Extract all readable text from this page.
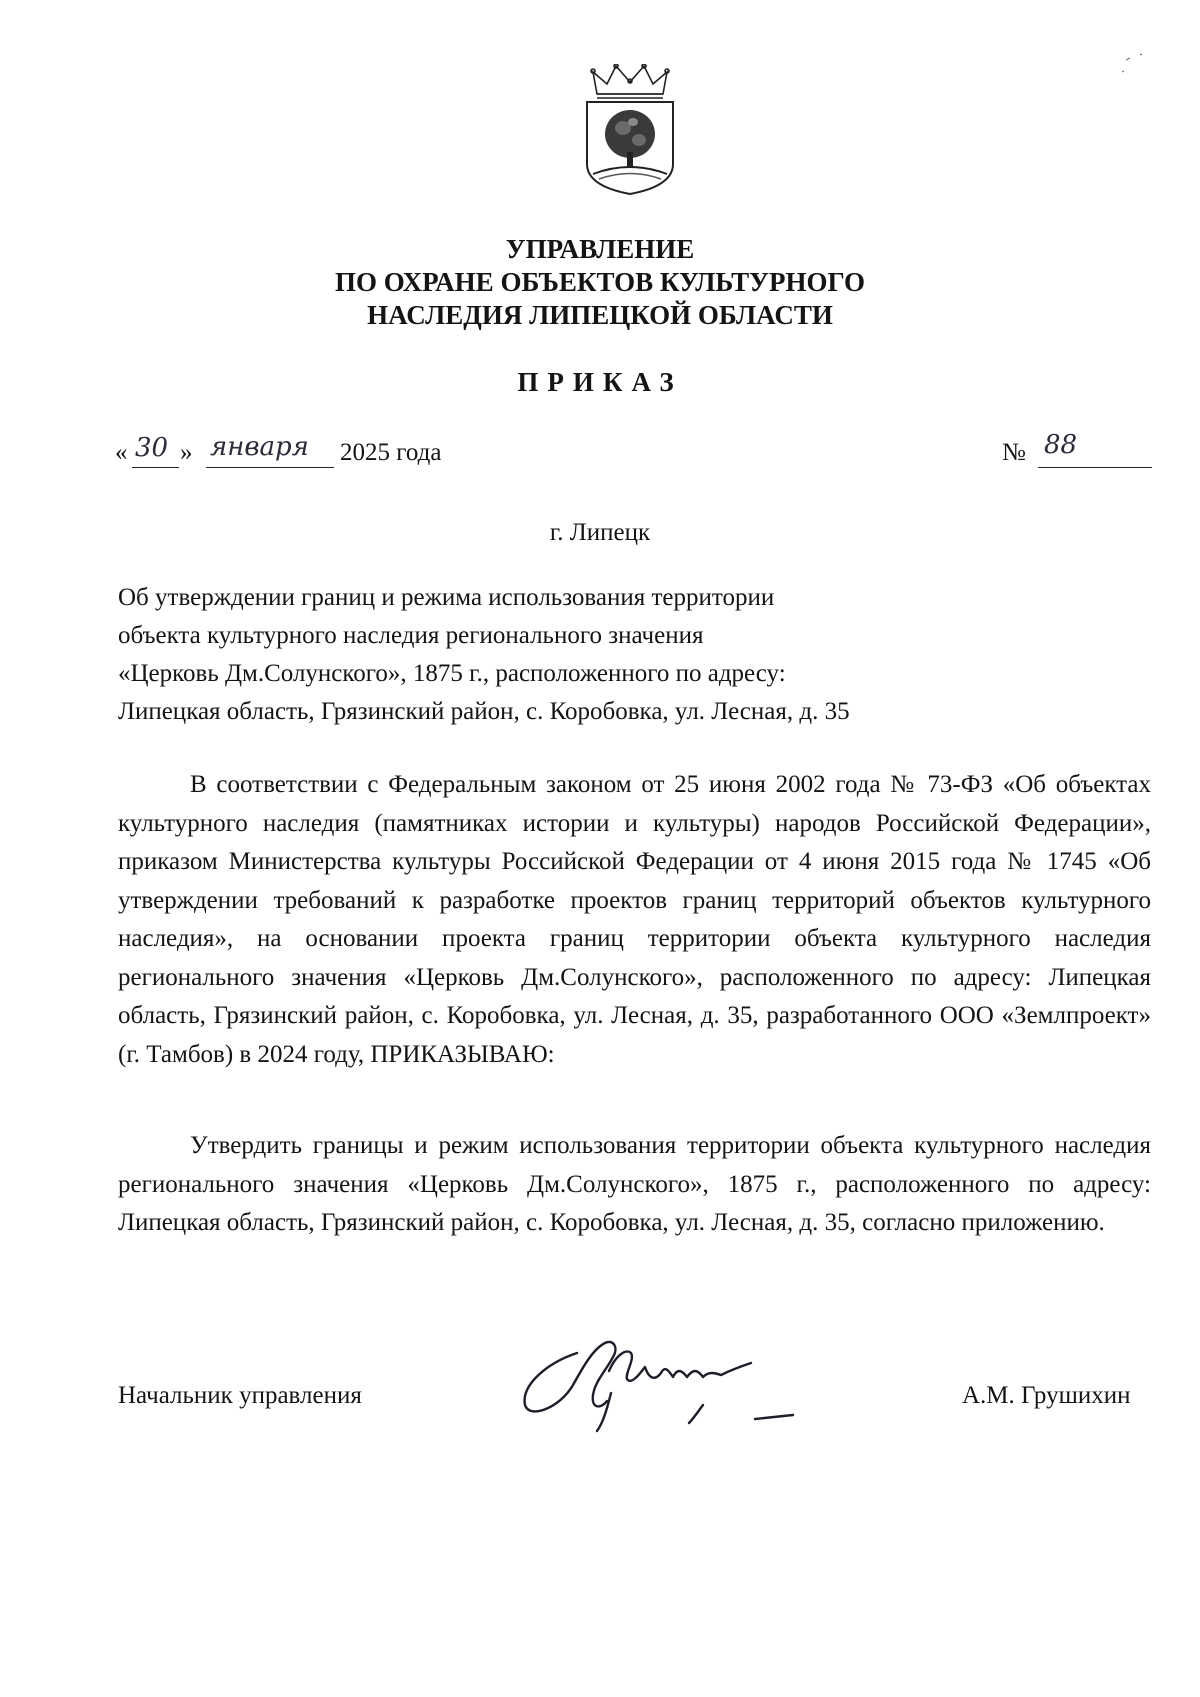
УПРАВЛЕНИЕ
ПО ОХРАНЕ ОБЪЕКТОВ КУЛЬТУРНОГО
НАСЛЕДИЯ ЛИПЕЦКОЙ ОБЛАСТИ
ПРИКАЗ
« 30 » января 2025 года	№ 88
г. Липецк
Об утверждении границ и режима использования территории
объекта культурного наследия регионального значения
«Церковь Дм.Солунского», 1875 г., расположенного по адресу:
Липецкая область, Грязинский район, с. Коробовка, ул. Лесная, д. 35
В соответствии с Федеральным законом от 25 июня 2002 года № 73-ФЗ «Об объектах культурного наследия (памятниках истории и культуры) народов Российской Федерации», приказом Министерства культуры Российской Федерации от 4 июня 2015 года № 1745 «Об утверждении требований к разработке проектов границ территорий объектов культурного наследия», на основании проекта границ территории объекта культурного наследия регионального значения «Церковь Дм.Солунского», расположенного по адресу: Липецкая область, Грязинский район, с. Коробовка, ул. Лесная, д. 35, разработанного ООО «Землпроект» (г. Тамбов) в 2024 году, ПРИКАЗЫВАЮ:
Утвердить границы и режим использования территории объекта культурного наследия регионального значения «Церковь Дм.Солунского», 1875 г., расположенного по адресу: Липецкая область, Грязинский район, с. Коробовка, ул. Лесная, д. 35, согласно приложению.
Начальник управления	А.М. Грушихин
